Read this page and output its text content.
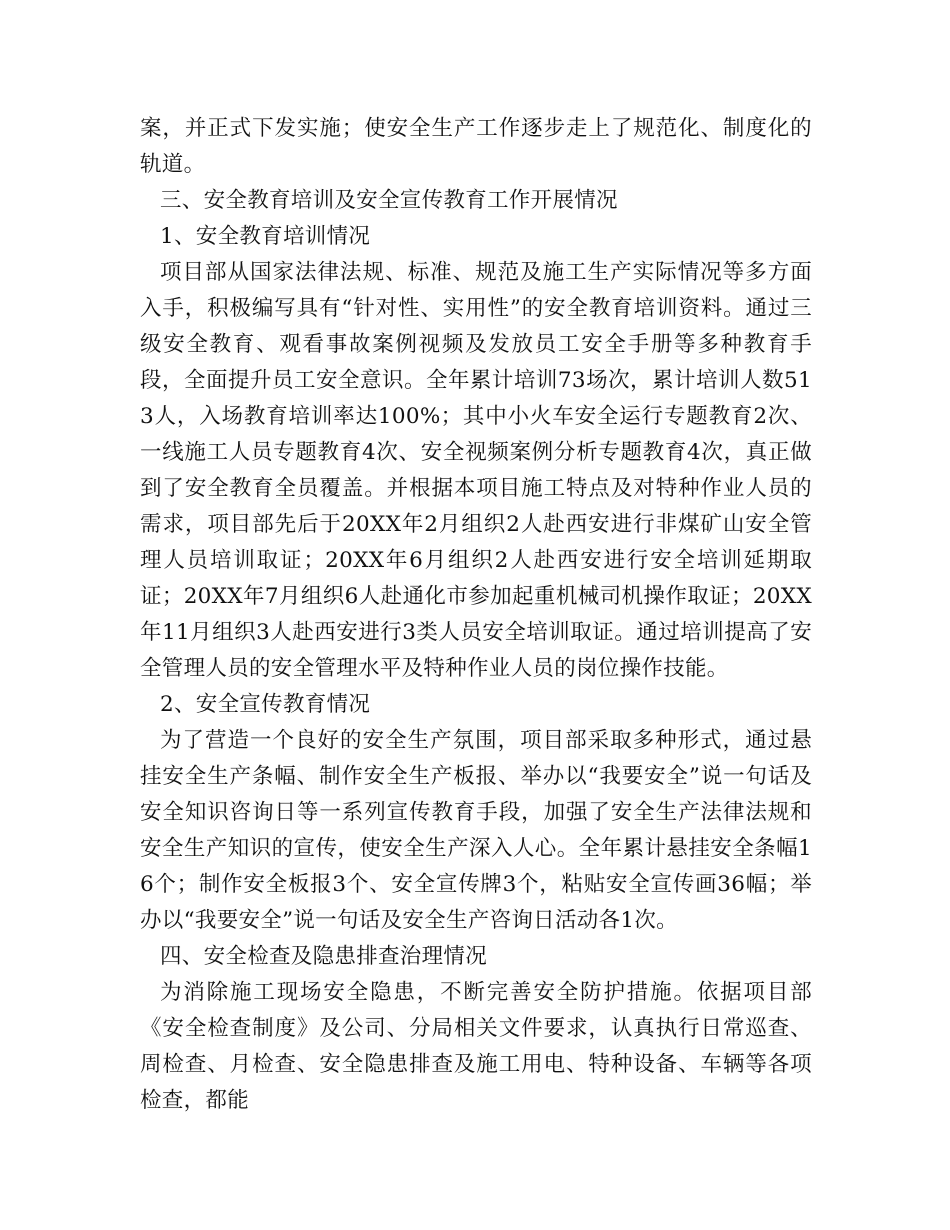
案，并正式下发实施；使安全生产工作逐步走上了规范化、制度化的轨道。

三、安全教育培训及安全宣传教育工作开展情况

1、安全教育培训情况

项目部从国家法律法规、标准、规范及施工生产实际情况等多方面入手，积极编写具有“针对性、实用性”的安全教育培训资料。通过三级安全教育、观看事故案例视频及发放员工安全手册等多种教育手段，全面提升员工安全意识。全年累计培训73场次，累计培训人数513人，入场教育培训率达100%；其中小火车安全运行专题教育2次、一线施工人员专题教育4次、安全视频案例分析专题教育4次，真正做到了安全教育全员覆盖。并根据本项目施工特点及对特种作业人员的需求，项目部先后于20XX年2月组织2人赴西安进行非煤矿山安全管理人员培训取证；20XX年6月组织2人赴西安进行安全培训延期取证；20XX年7月组织6人赴通化市参加起重机械司机操作取证；20XX年11月组织3人赴西安进行3类人员安全培训取证。通过培训提高了安全管理人员的安全管理水平及特种作业人员的岗位操作技能。

2、安全宣传教育情况

为了营造一个良好的安全生产氛围，项目部采取多种形式，通过悬挂安全生产条幅、制作安全生产板报、举办以“我要安全”说一句话及安全知识咨询日等一系列宣传教育手段，加强了安全生产法律法规和安全生产知识的宣传，使安全生产深入人心。全年累计悬挂安全条幅16个；制作安全板报3个、安全宣传牌3个，粘贴安全宣传画36幅；举办以“我要安全”说一句话及安全生产咨询日活动各1次。

四、安全检查及隐患排查治理情况

为消除施工现场安全隐患，不断完善安全防护措施。依据项目部《安全检查制度》及公司、分局相关文件要求，认真执行日常巡查、周检查、月检查、安全隐患排查及施工用电、特种设备、车辆等各项检查，都能
